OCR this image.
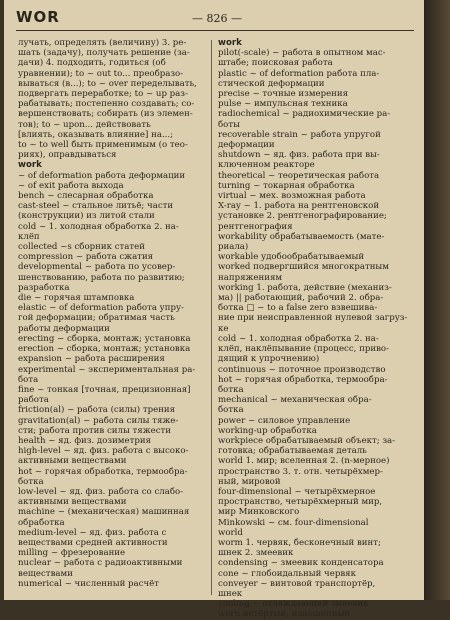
WOR	— 826 —
лучать, определять (величину) 3. ре-
шать (задачу), получать решение (за-
дачи) 4. подходить, годиться (об
уравнении); to ~ out to... преобразо-
вываться (в...); to ~ over переделывать,
подвергать переработке; to ~ up раз-
рабатывать; постепенно создавать; со-
вершенствовать; собирать (из элемен-
тов); to ~ upon... действовать
[влиять, оказывать влияние] на...;
to ~ to well быть применимым (о тео-
риях), оправдываться
work
~ of deformation работа деформации
~ of exit работа выхода
bench ~ слесарная обработка
cast-steel ~ стальное литьё; части
(конструкции) из литой стали
cold ~ 1. холодная обработка 2. на-
клёп
collected ~s сборник статей
compression ~ работа сжатия
developmental ~ работа по усовер-
шенствованию, работа по развитию;
разработка
die ~ горячая штамповка
elastic ~ of deformation работа упру-
гой деформации; обратимая часть
работы деформации
erecting ~ сборка, монтаж; установка
erection ~ сборка, монтаж; установка
expansion ~ работа расширения
experimental ~ экспериментальная ра-
бота
fine ~ тонкая [точная, прецизионная]
работа
friction(al) ~ работа (силы) трения
gravitation(al) ~ работа силы тяже-
сти; работа против силы тяжести
health ~ яд. физ. дозиметрия
high-level ~ яд. физ. работа с высоко-
активными веществами
hot ~ горячая обработка, термообра-
ботка
low-level ~ яд. физ. работа со слабо-
активными веществами
machine ~ (механическая) машинная
обработка
medium-level ~ яд. физ. работа с
веществами средней активности
milling ~ фрезерование
nuclear ~ работа с радиоактивными
веществами
numerical ~ численный расчёт
work
pilot(-scale) ~ работа в опытном мас-
штабе; поисковая работа
plastic ~ of deformation работа пла-
стической деформации
precise ~ точные измерения
pulse ~ импульсная техника
radiochemical ~ радиохимические ра-
боты
recoverable strain ~ работа упругой
деформации
shutdown ~ яд. физ. работа при вы-
ключенном реакторе
theoretical ~ теоретическая работа
turning ~ токарная обработка
virtual ~ мех. возможная работа
X-ray ~ 1. работа на рентгеновской
установке 2. рентгенографирование;
рентгенография
workability обрабатываемость (мате-
риала)
workable удобообрабатываемый
worked подвергшийся многократным
напряжениям
working 1. работа, действие (механиз-
ма) || работающий, рабочий 2. обра-
ботка □ ~ to a false zero взвешива-
ние при неисправленной нулевой загруз-
ке
cold ~ 1. холодная обработка 2. на-
клёп, наклёпывание (процесс, приво-
дящий к упрочнению)
continuous ~ поточное производство
hot ~ горячая обработка, термообра-
ботка
mechanical ~ механическая обра-
ботка
power ~ силовое управление
working-up обработка
workpiece обрабатываемый объект; за-
готовка; обрабатываемая деталь
world 1. мир; вселенная 2. (n-мерное)
пространство 3. т. отн. четырёхмер-
ный, мировой
four-dimensional ~ четырёхмерное
пространство, четырёхмерный мир,
мир Минковского
Minkowski ~ см. four-dimensional
world
worm 1. червяк, бесконечный винт;
шнек 2. змеевик
condensing ~ змеевик конденсатора
cone ~ глобоидальный червяк
conveyer ~ винтовой транспортёр,
шнек
cooling ~ охлаждающий змеевик
worn истёртый; изношенный
